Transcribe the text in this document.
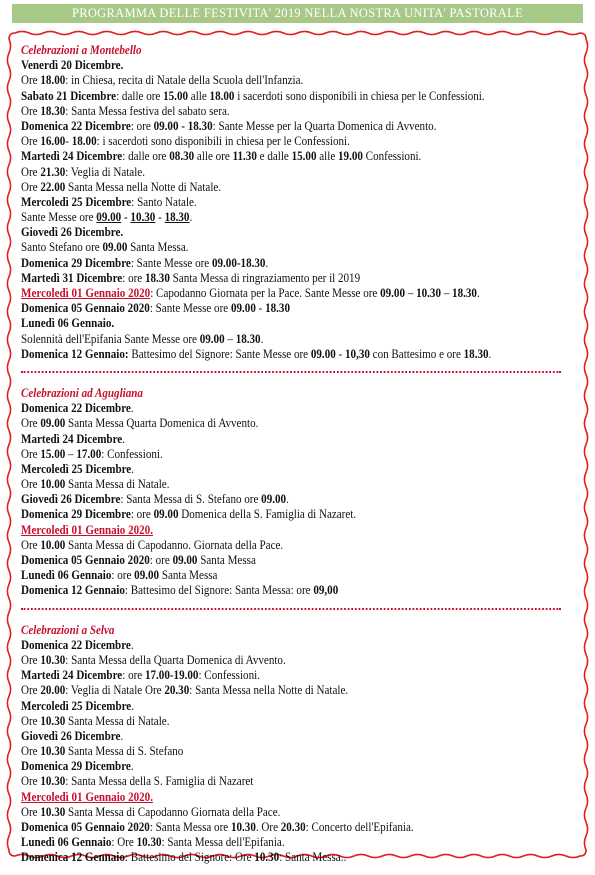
PROGRAMMA DELLE FESTIVITA' 2019 NELLA NOSTRA UNITA' PASTORALE
Celebrazioni a Montebello
Venerdì 20 Dicembre.
Ore 18.00: in Chiesa, recita di Natale della Scuola dell'Infanzia.
Sabato 21 Dicembre: dalle ore 15.00 alle 18.00 i sacerdoti sono disponibili in chiesa per le Confessioni.
Ore 18.30: Santa Messa festiva del sabato sera.
Domenica 22 Dicembre: ore 09.00 - 18.30: Sante Messe per la Quarta Domenica di Avvento.
Ore 16.00- 18.00: i sacerdoti sono disponibili in chiesa per le Confessioni.
Martedì 24 Dicembre: dalle ore 08.30 alle ore 11.30 e dalle 15.00 alle 19.00 Confessioni.
Ore 21.30: Veglia di Natale.
Ore 22.00 Santa Messa nella Notte di Natale.
Mercoledì 25 Dicembre: Santo Natale.
Sante Messe ore 09.00 - 10.30 - 18.30.
Giovedì 26 Dicembre.
Santo Stefano ore 09.00 Santa Messa.
Domenica 29 Dicembre: Sante Messe ore 09.00-18.30.
Martedì 31 Dicembre: ore 18.30 Santa Messa di ringraziamento per il 2019
Mercoledì 01 Gennaio 2020: Capodanno Giornata per la Pace. Sante Messe ore 09.00 – 10.30 – 18.30.
Domenica 05 Gennaio 2020: Sante Messe ore 09.00 - 18.30
Lunedì 06 Gennaio.
Solennità dell'Epifania Sante Messe ore 09.00 – 18.30.
Domenica 12 Gennaio: Battesimo del Signore: Sante Messe ore 09.00 - 10,30 con Battesimo e ore 18.30.
Celebrazioni ad Agugliana
Domenica 22 Dicembre.
Ore 09.00 Santa Messa Quarta Domenica di Avvento.
Martedì 24 Dicembre.
Ore 15.00 – 17.00: Confessioni.
Mercoledì 25 Dicembre.
Ore 10.00 Santa Messa di Natale.
Giovedì 26 Dicembre: Santa Messa di S. Stefano ore 09.00.
Domenica 29 Dicembre: ore 09.00 Domenica della S. Famiglia di Nazaret.
Mercoledì 01 Gennaio 2020.
Ore 10.00 Santa Messa di Capodanno. Giornata della Pace.
Domenica 05 Gennaio 2020: ore 09.00 Santa Messa
Lunedì 06 Gennaio: ore 09.00 Santa Messa
Domenica 12 Gennaio: Battesimo del Signore: Santa Messa: ore 09,00
Celebrazioni a Selva
Domenica 22 Dicembre.
Ore 10.30: Santa Messa della Quarta Domenica di Avvento.
Martedì 24 Dicembre: ore 17.00-19.00: Confessioni.
Ore 20.00: Veglia di Natale Ore 20.30: Santa Messa nella Notte di Natale.
Mercoledì 25 Dicembre.
Ore 10.30 Santa Messa di Natale.
Giovedì 26 Dicembre.
Ore 10.30 Santa Messa di S. Stefano
Domenica 29 Dicembre.
Ore 10.30: Santa Messa della S. Famiglia di Nazaret
Mercoledì 01 Gennaio 2020.
Ore 10.30 Santa Messa di Capodanno Giornata della Pace.
Domenica 05 Gennaio 2020: Santa Messa ore 10.30. Ore 20.30: Concerto dell'Epifania.
Lunedì 06 Gennaio: Ore 10.30: Santa Messa dell'Epifania.
Domenica 12 Gennaio: Battesimo del Signore: Ore 10.30: Santa Messa..
